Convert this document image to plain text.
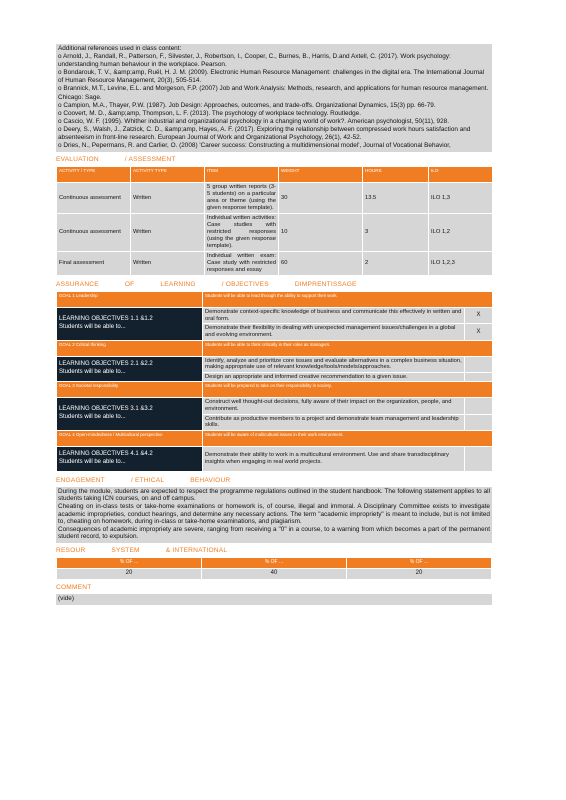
Additional references used in class content:

o Arnold, J., Randall, R., Patterson, F., Silvester, J., Robertson, I., Cooper, C., Burnes, B., Harris, D.and Axtell, C. (2017). Work psychology: understanding human behaviour in the workplace. Pearson.

o Bondarouk, T. V., &amp;amp, Ruël, H. J. M. (2009). Electronic Human Resource Management: challenges in the digital era. The International Journal of Human Resource Management, 20(3), 505-514.

o Brannick, M.T., Levine, E.L. and Morgeson, F.P. (2007) Job and Work Analysis: Methods, research, and applications for human resource management. Chicago: Sage.

o Campion, M.A., Thayer, P.W. (1987). Job Design: Approaches, outcomes, and trade-offs. Organizational Dynamics, 15(3) pp. 66-79.

o Coovert, M. D., &amp;amp, Thompson, L. F. (2013). The psychology of workplace technology. Routledge.

o Cascio, W. F. (1995). Whither industrial and organizational psychology in a changing world of work?. American psychologist, 50(11), 928.

o Deery, S., Walsh, J., Zatzick, C. D., &amp;amp, Hayes, A. F. (2017). Exploring the relationship between compressed work hours satisfaction and absenteeism in front-line research. European Journal of Work and Organizational Psychology, 26(1), 42-52.

o Dries, N., Pepermans, R. and Carlier, O. (2008) 'Career success: Constructing a multidimensional model', Journal of Vocational Behavior,

EVALUATION	/ ASSESSMENT
ACTIVITY / TYPE	ACTIVITY TYPE	ITEM	WEIGHT	HOURS	ILO
Continuous assessment	Written	5 group written reports (3-5 students) on a particular area or theme (using the given response template).	30	13.5	ILO 1,3
Continuous assessment	Written	Individual written activities: Case studies with restricted responses (using the given response template).	10	3	ILO 1,2
Final assessment	Written	Individual written exam: Case study with restricted responses and essay	60	2	ILO 1,2,3
ASSURANCE	OF	LEARNING	/ OBJECTIVES	DIMPRENTISSAGE
GOAL 1 Leadership	Students will be able to lead through the ability to support their work.	

LEARNING OBJECTIVES 1.1 &1.2
Students will be able to...	Demonstrate context-specific knowledge of business and communicate this effectively in written and oral form.	X
	Demonstrate their flexibility in dealing with unexpected management issues/challenges in a global and evolving environment.	X
GOAL 2 Critical thinking	Students will be able to think critically in their roles as managers.	

LEARNING OBJECTIVES 2.1 &2.2
Students will be able to...	Identify, analyze and prioritize core issues and evaluate alternatives in a complex business situation, making appropriate use of relevant knowledge/tools/models/approaches.	
	Design an appropriate and informed creative recommendation to a given issue.	
GOAL 3 Societal responsibility	Students will be prepared to take on their responsibility in society.	

LEARNING OBJECTIVES 3.1 &3.2
Students will be able to...	Construct well thought-out decisions, fully aware of their impact on the organization, people, and environment.	
	Contribute as productive members to a project and demonstrate team management and leadership skills.	
GOAL 4 Open-mindedness / Multicultural perspective	Students will be aware of multicultural issues in their work environment.	

LEARNING OBJECTIVES 4.1 &4.2
Students will be able to...	Demonstrate their ability to work in a multicultural environment. Use and share transdisciplinary insights when engaging in real world projects.	
ENGAGEMENT	/ ETHICAL	BEHAVIOUR

During the module, students are expected to respect the programme regulations outlined in the student handbook. The following statement applies to all students taking ICN courses, on and off campus.

Cheating on in-class tests or take-home examinations or homework is, of course, illegal and immoral. A Disciplinary Committee exists to investigate academic improprieties, conduct hearings, and determine any necessary actions. The term "academic impropriety" is meant to include, but is not limited to, cheating on homework, during in-class or take-home examinations, and plagiarism.

Consequences of academic impropriety are severe, ranging from receiving a "0" in a course, to a warning from which becomes a part of the permanent student record, to expulsion.

RESOUR	SYSTEM	& INTERNATIONAL
% OF ...	% OF ...	% OF ...
20	40	20
COMMENT
(vide)
